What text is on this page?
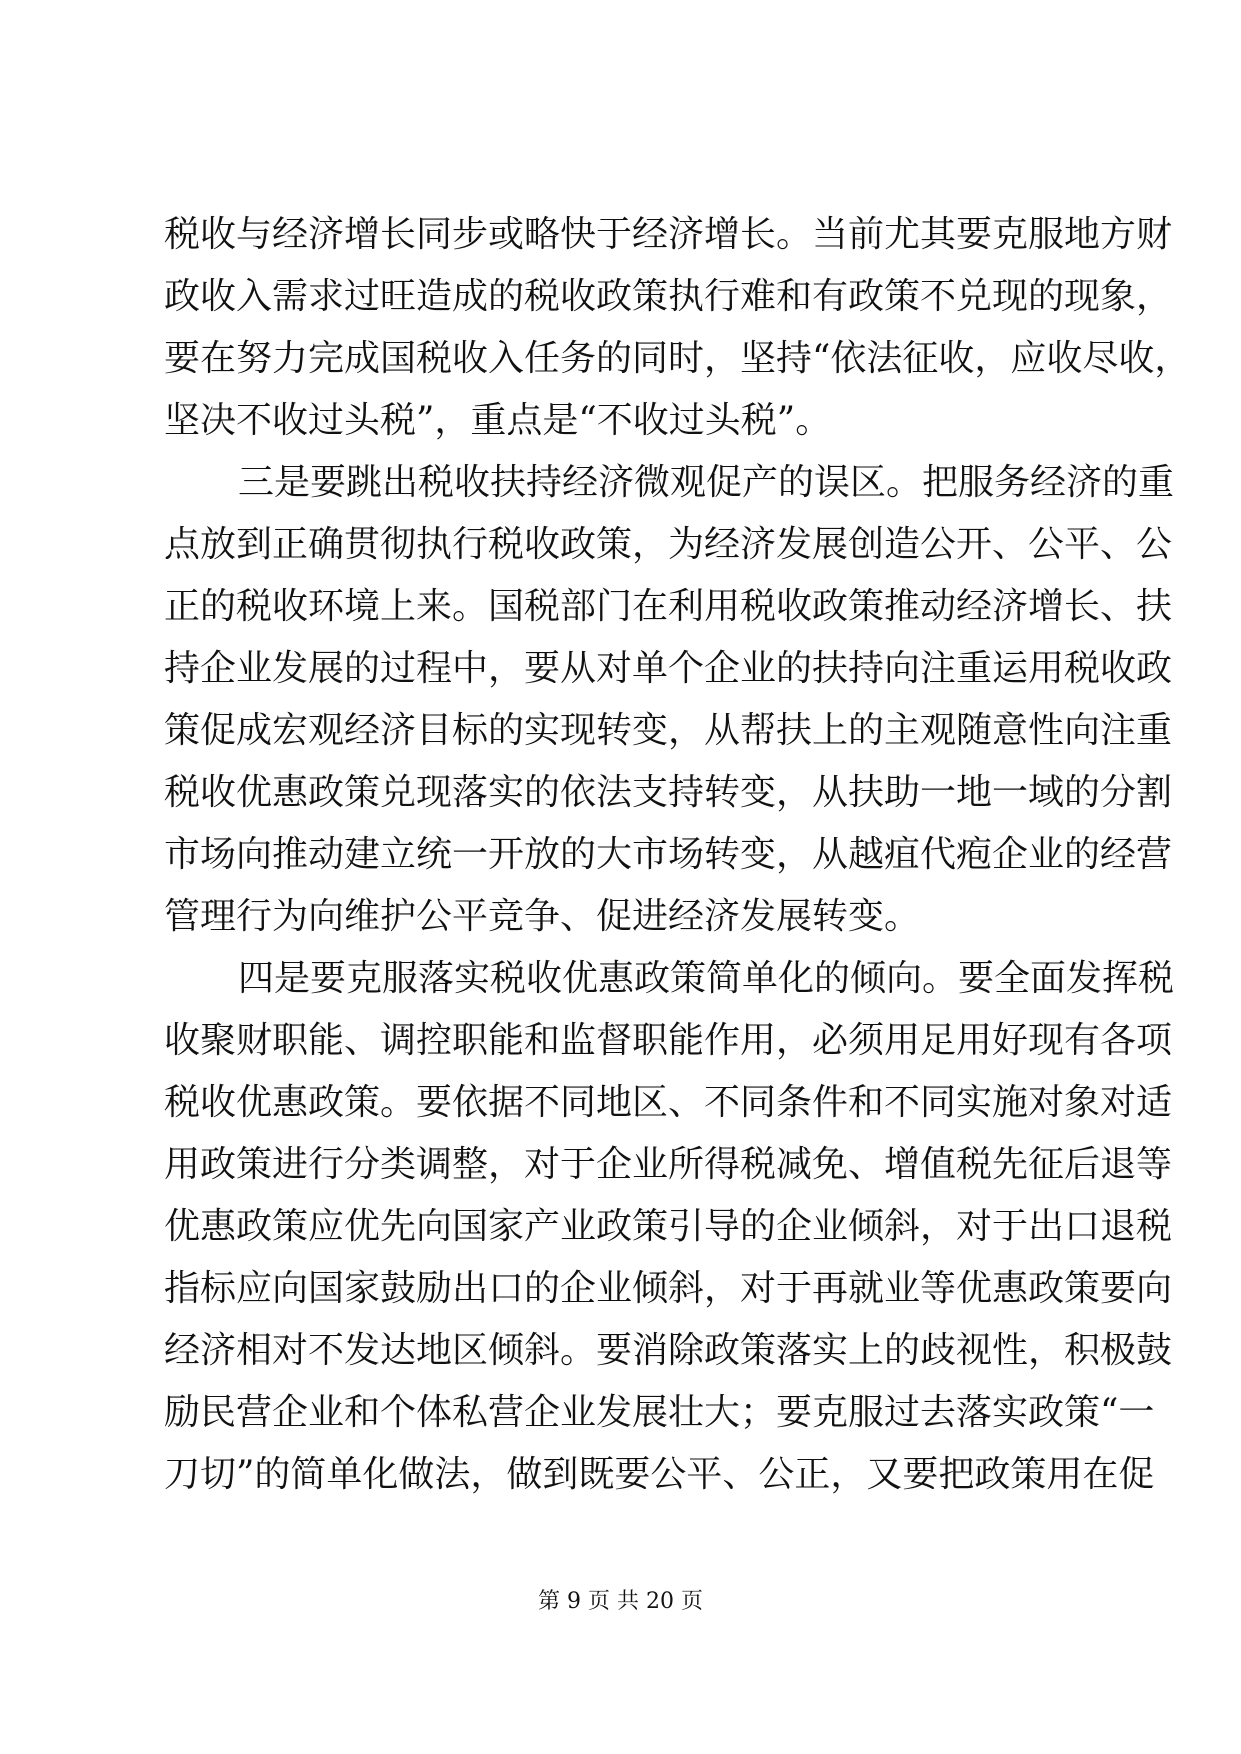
税收与经济增长同步或略快于经济增长。当前尤其要克服地方财
政收入需求过旺造成的税收政策执行难和有政策不兑现的现象，
要在努力完成国税收入任务的同时，坚持“依法征收，应收尽收，
坚决不收过头税”，重点是“不收过头税”。
三是要跳出税收扶持经济微观促产的误区。把服务经济的重
点放到正确贯彻执行税收政策，为经济发展创造公开、公平、公
正的税收环境上来。国税部门在利用税收政策推动经济增长、扶
持企业发展的过程中，要从对单个企业的扶持向注重运用税收政
策促成宏观经济目标的实现转变，从帮扶上的主观随意性向注重
税收优惠政策兑现落实的依法支持转变，从扶助一地一域的分割
市场向推动建立统一开放的大市场转变，从越疽代疱企业的经营
管理行为向维护公平竞争、促进经济发展转变。
四是要克服落实税收优惠政策简单化的倾向。要全面发挥税
收聚财职能、调控职能和监督职能作用，必须用足用好现有各项
税收优惠政策。要依据不同地区、不同条件和不同实施对象对适
用政策进行分类调整，对于企业所得税减免、增值税先征后退等
优惠政策应优先向国家产业政策引导的企业倾斜，对于出口退税
指标应向国家鼓励出口的企业倾斜，对于再就业等优惠政策要向
经济相对不发达地区倾斜。要消除政策落实上的歧视性，积极鼓
第 9 页 共 20 页
励民营企业和个体私营企业发展壮大；要克服过去落实政策“一
刀切”的简单化做法，做到既要公平、公正，又要把政策用在促
